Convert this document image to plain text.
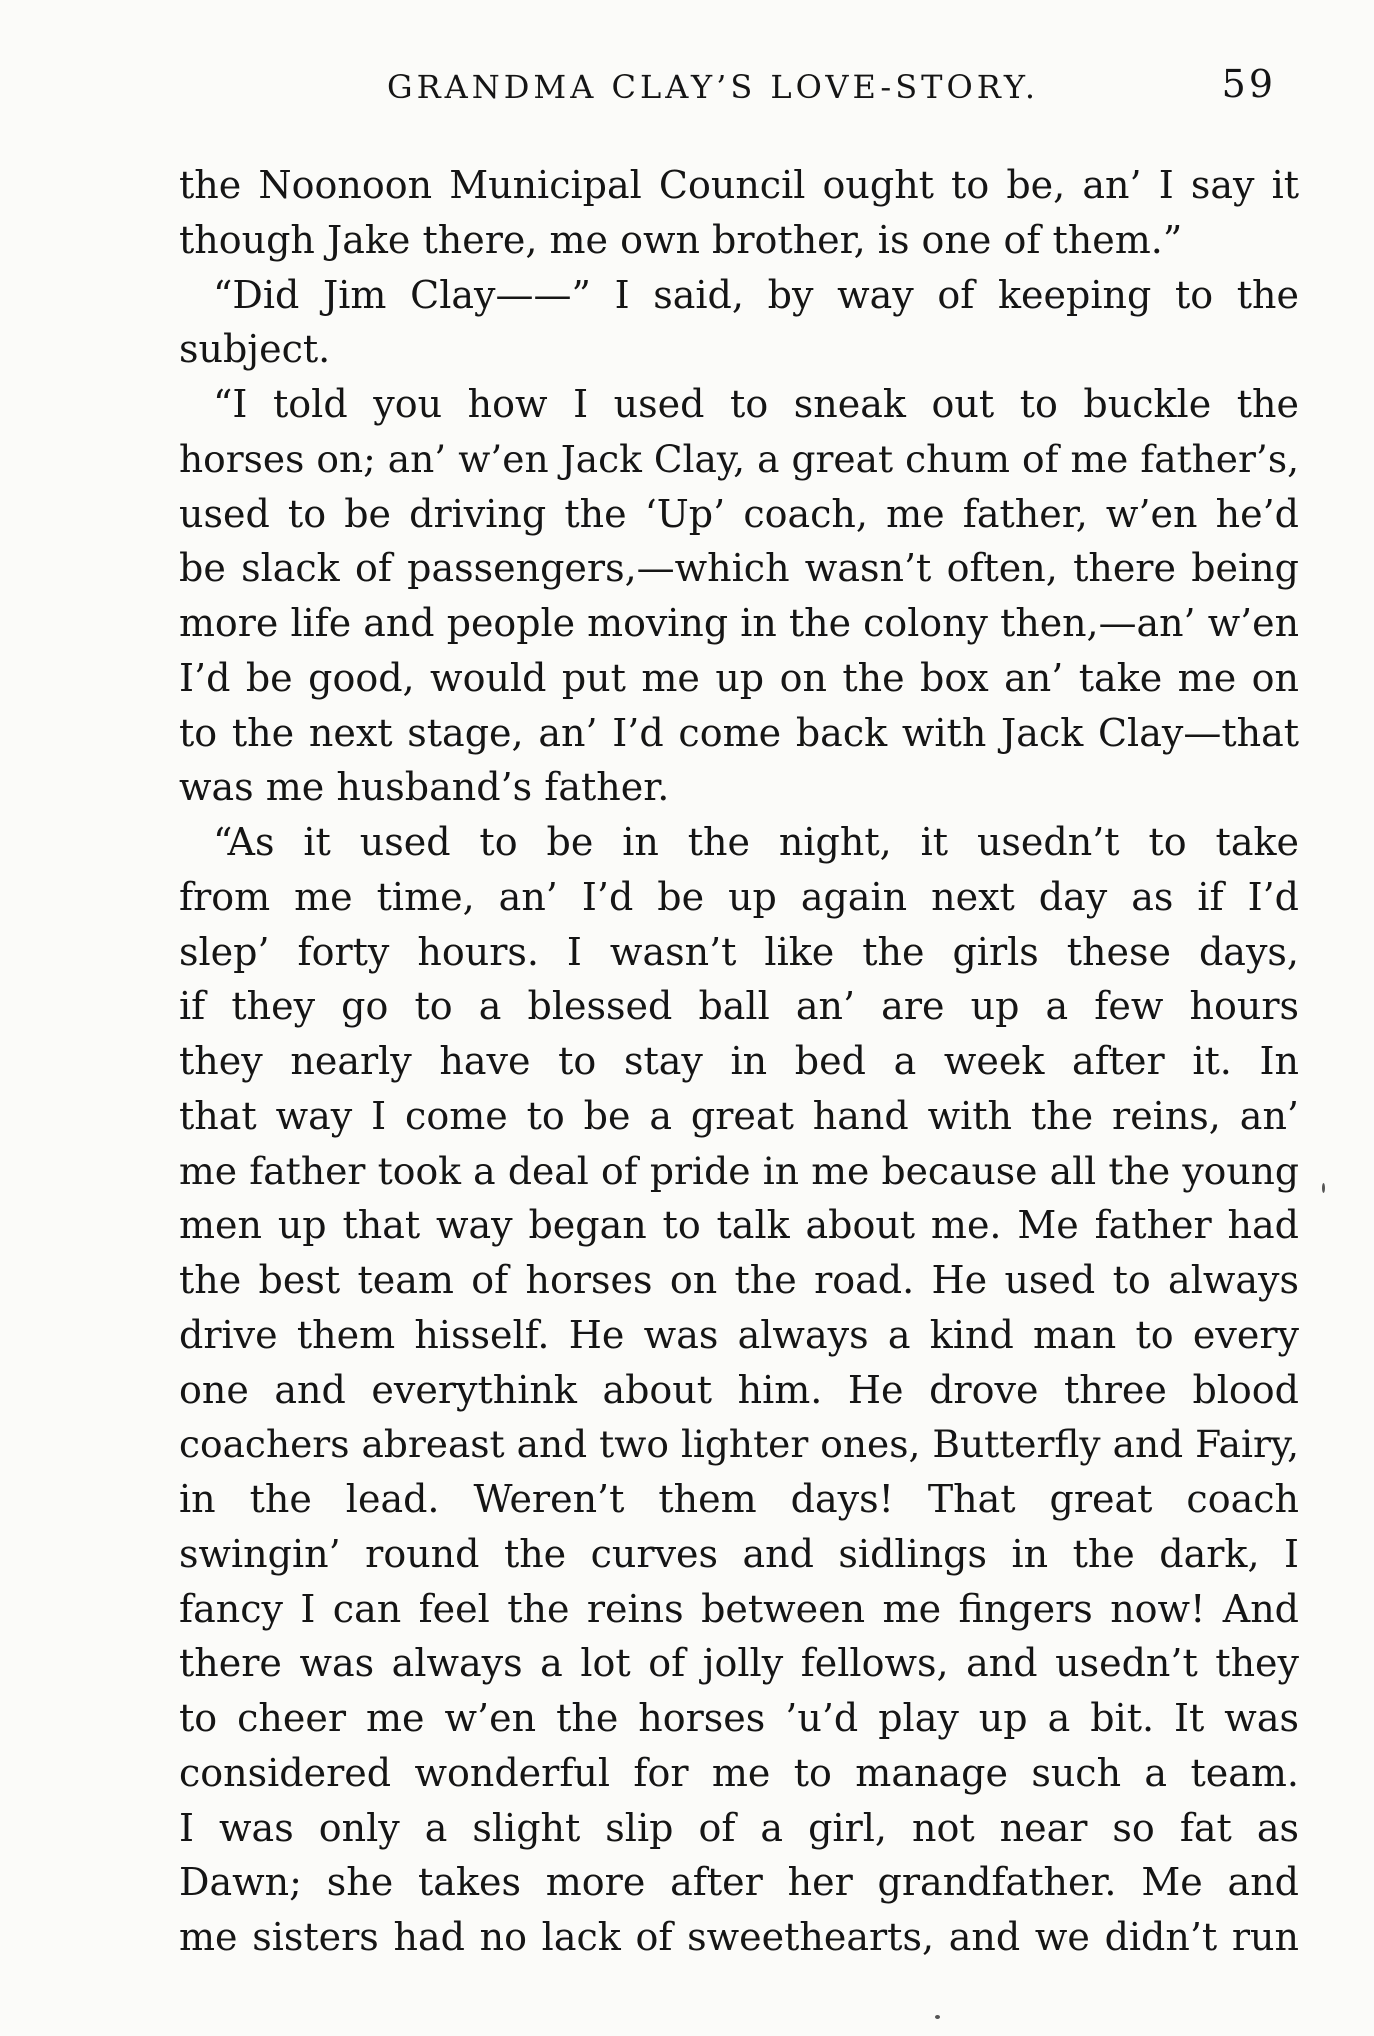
GRANDMA CLAY’S LOVE-STORY.	59
the Noonoon Municipal Council ought to be, an’ I say it
though Jake there, me own brother, is one of them.”
“Did Jim Clay——” I said, by way of keeping to the
subject.
“I told you how I used to sneak out to buckle the
horses on; an’ w’en Jack Clay, a great chum of me father’s,
used to be driving the ‘Up’ coach, me father, w’en he’d
be slack of passengers,—which wasn’t often, there being
more life and people moving in the colony then,—an’ w’en
I’d be good, would put me up on the box an’ take me on
to the next stage, an’ I’d come back with Jack Clay—that
was me husband’s father.
“As it used to be in the night, it usedn’t to take
from me time, an’ I’d be up again next day as if I’d
slep’ forty hours. I wasn’t like the girls these days,
if they go to a blessed ball an’ are up a few hours
they nearly have to stay in bed a week after it. In
that way I come to be a great hand with the reins, an’
me father took a deal of pride in me because all the young
men up that way began to talk about me. Me father had
the best team of horses on the road. He used to always
drive them hisself. He was always a kind man to every
one and everythink about him. He drove three blood
coachers abreast and two lighter ones, Butterfly and Fairy,
in the lead. Weren’t them days! That great coach
swingin’ round the curves and sidlings in the dark, I
fancy I can feel the reins between me fingers now! And
there was always a lot of jolly fellows, and usedn’t they
to cheer me w’en the horses ’u’d play up a bit. It was
considered wonderful for me to manage such a team.
I was only a slight slip of a girl, not near so fat as
Dawn; she takes more after her grandfather. Me and
me sisters had no lack of sweethearts, and we didn’t run
